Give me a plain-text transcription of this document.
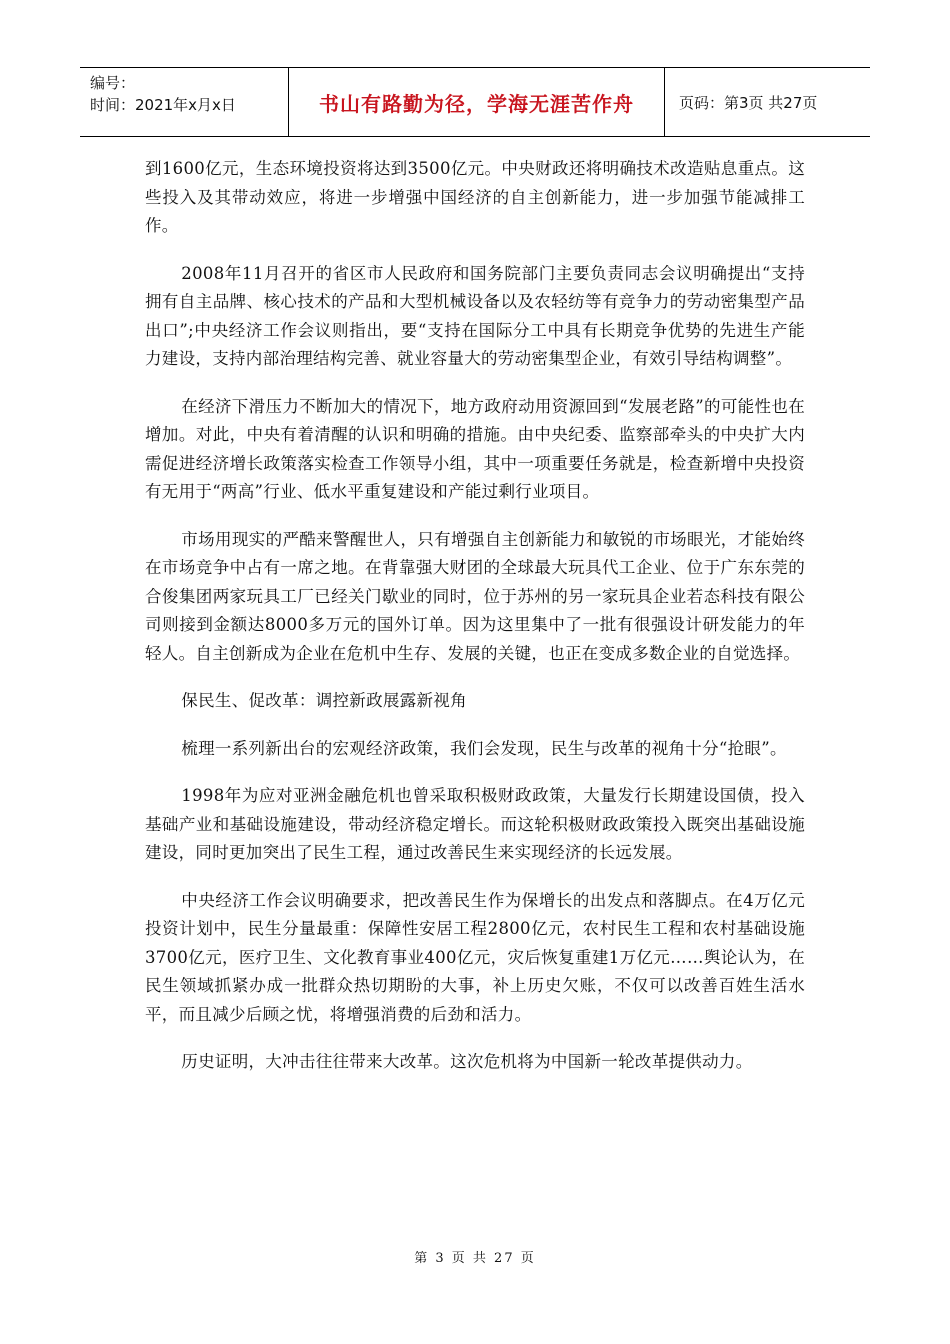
编号：
时间：2021年x月x日	书山有路勤为径，学海无涯苦作舟	页码：第3页 共27页

到1600亿元，生态环境投资将达到3500亿元。中央财政还将明确技术改造贴息重点。这些投入及其带动效应，将进一步增强中国经济的自主创新能力，进一步加强节能减排工作。

2008年11月召开的省区市人民政府和国务院部门主要负责同志会议明确提出“支持拥有自主品牌、核心技术的产品和大型机械设备以及农轻纺等有竞争力的劳动密集型产品出口”;中央经济工作会议则指出，要“支持在国际分工中具有长期竞争优势的先进生产能力建设，支持内部治理结构完善、就业容量大的劳动密集型企业，有效引导结构调整”。

在经济下滑压力不断加大的情况下，地方政府动用资源回到“发展老路”的可能性也在增加。对此，中央有着清醒的认识和明确的措施。由中央纪委、监察部牵头的中央扩大内需促进经济增长政策落实检查工作领导小组，其中一项重要任务就是，检查新增中央投资有无用于“两高”行业、低水平重复建设和产能过剩行业项目。

市场用现实的严酷来警醒世人，只有增强自主创新能力和敏锐的市场眼光，才能始终在市场竞争中占有一席之地。在背靠强大财团的全球最大玩具代工企业、位于广东东莞的合俊集团两家玩具工厂已经关门歇业的同时，位于苏州的另一家玩具企业若态科技有限公司则接到金额达8000多万元的国外订单。因为这里集中了一批有很强设计研发能力的年轻人。自主创新成为企业在危机中生存、发展的关键，也正在变成多数企业的自觉选择。

保民生、促改革：调控新政展露新视角

梳理一系列新出台的宏观经济政策，我们会发现，民生与改革的视角十分“抢眼”。

1998年为应对亚洲金融危机也曾采取积极财政政策，大量发行长期建设国债，投入基础产业和基础设施建设，带动经济稳定增长。而这轮积极财政政策投入既突出基础设施建设，同时更加突出了民生工程，通过改善民生来实现经济的长远发展。

中央经济工作会议明确要求，把改善民生作为保增长的出发点和落脚点。在4万亿元投资计划中，民生分量最重：保障性安居工程2800亿元，农村民生工程和农村基础设施3700亿元，医疗卫生、文化教育事业400亿元，灾后恢复重建1万亿元……舆论认为，在民生领域抓紧办成一批群众热切期盼的大事，补上历史欠账，不仅可以改善百姓生活水平，而且减少后顾之忧，将增强消费的后劲和活力。

历史证明，大冲击往往带来大改革。这次危机将为中国新一轮改革提供动力。

第 3 页 共 27 页
